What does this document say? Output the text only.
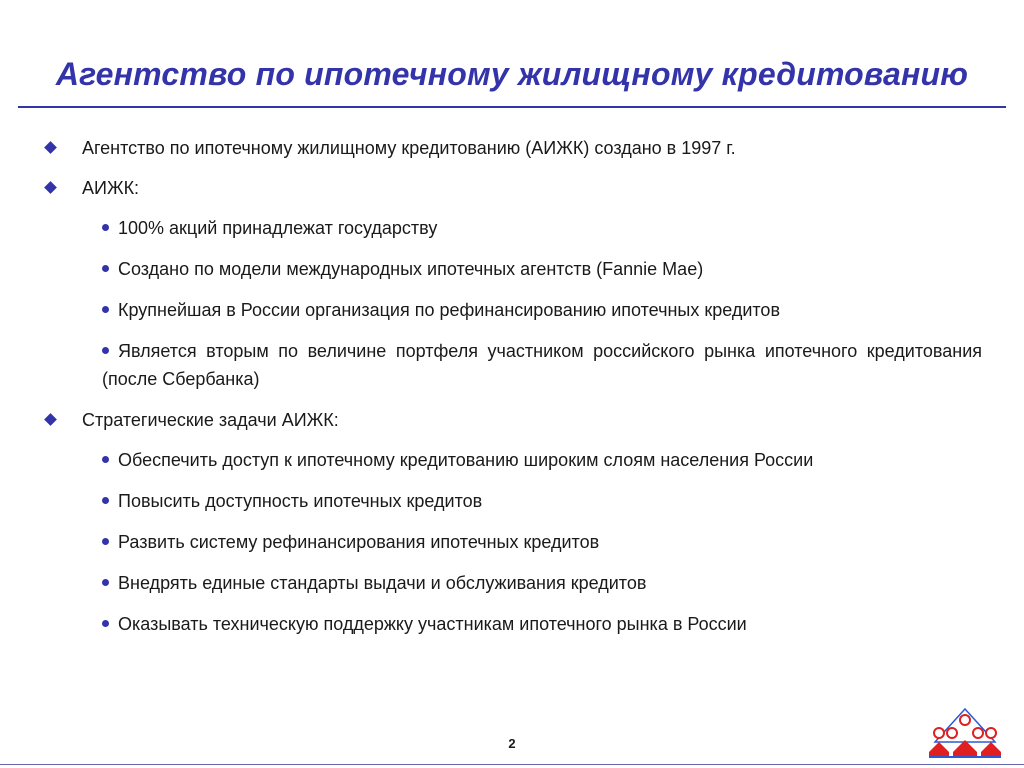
Агентство по ипотечному жилищному кредитованию
Агентство по ипотечному жилищному кредитованию (АИЖК) создано в 1997 г.
АИЖК:
100% акций принадлежат государству
Создано по модели международных ипотечных агентств (Fannie Mae)
Крупнейшая в России организация по рефинансированию ипотечных кредитов
Является вторым по величине портфеля участником российского рынка ипотечного кредитования (после Сбербанка)
Стратегические задачи АИЖК:
Обеспечить доступ к ипотечному кредитованию широким слоям населения России
Повысить доступность ипотечных кредитов
Развить систему рефинансирования ипотечных кредитов
Внедрять единые стандарты выдачи и обслуживания кредитов
Оказывать техническую поддержку участникам ипотечного рынка в России
2
